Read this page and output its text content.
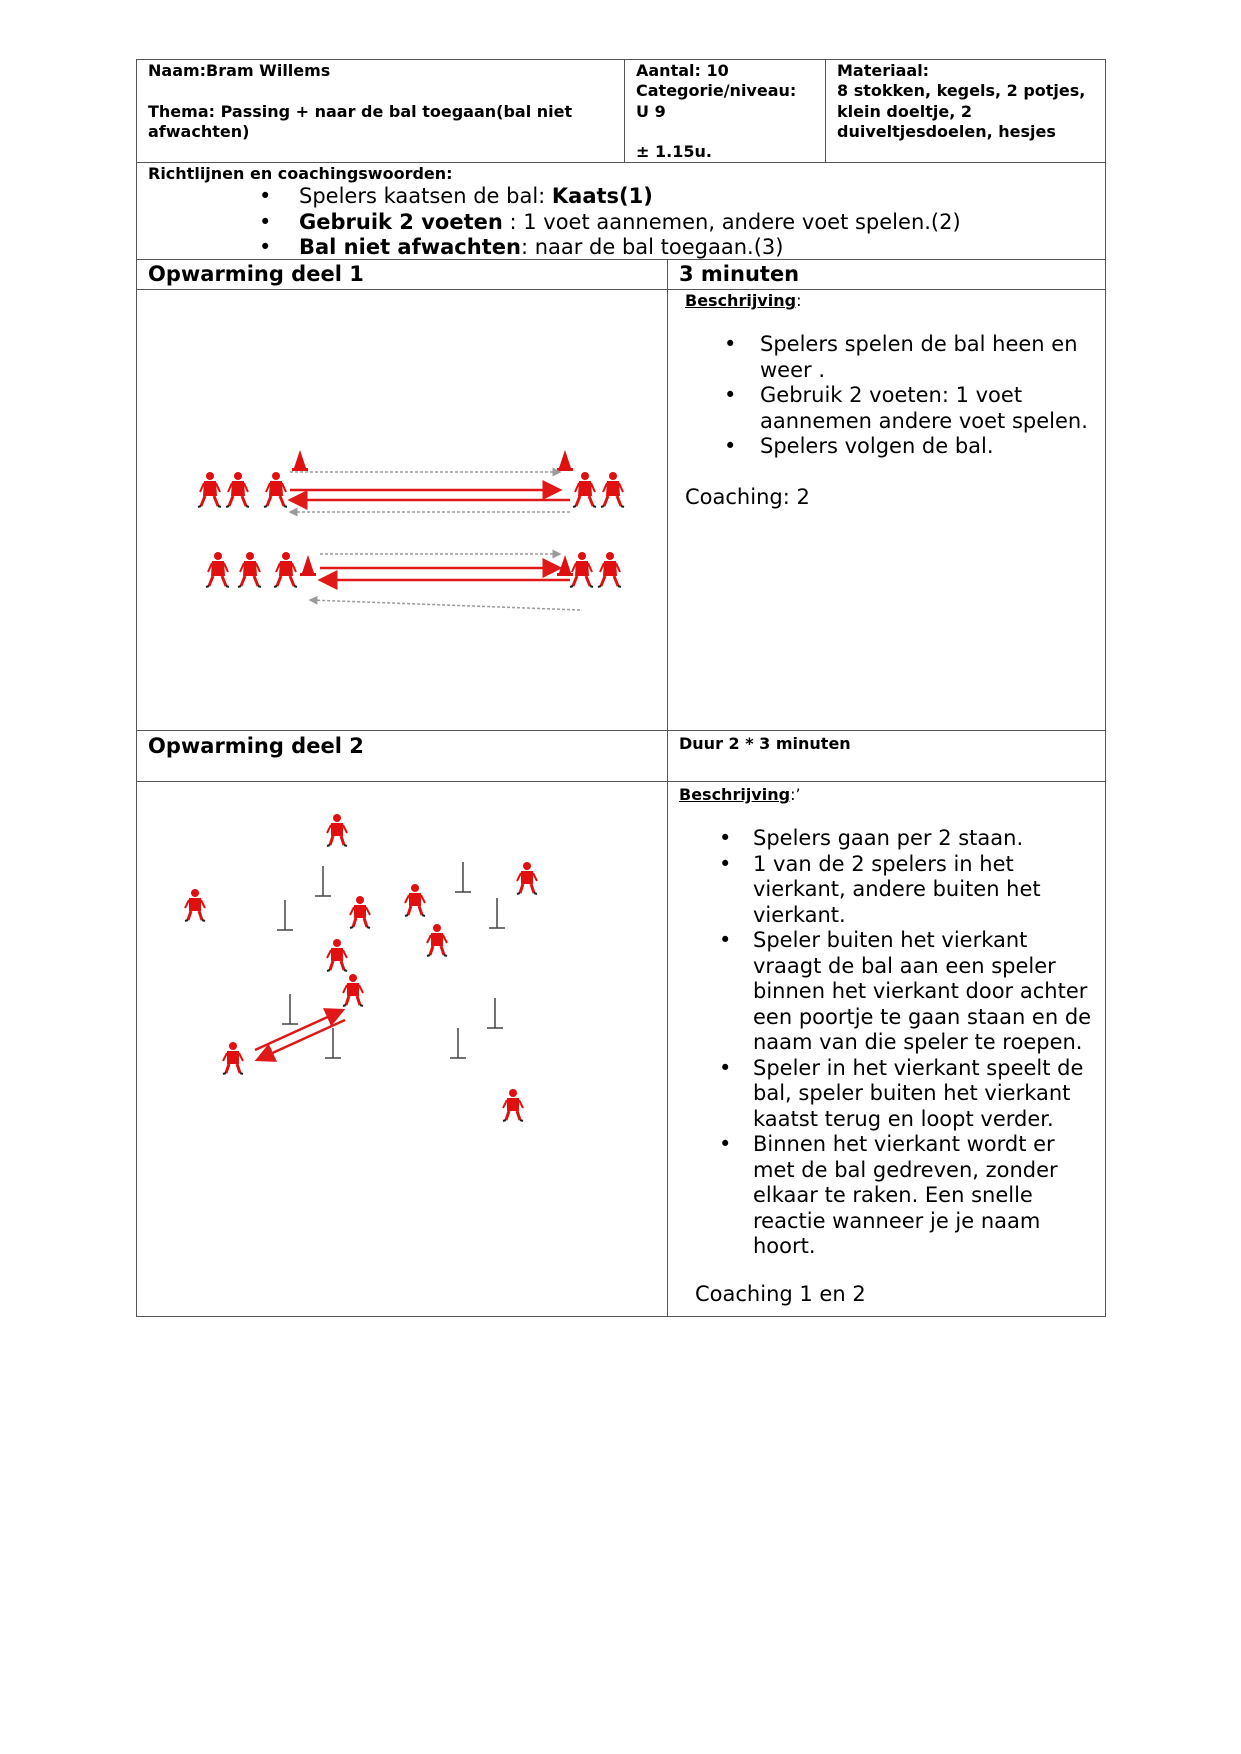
Naam:Bram Willems
Thema: Passing + naar de bal toegaan(bal niet
afwachten)
Aantal: 10
Categorie/niveau:
U 9
± 1.15u.
Materiaal:
8 stokken, kegels, 2 potjes,
klein doeltje, 2
duiveltjesdoelen, hesjes
Richtlijnen en coachingswoorden:
• Spelers kaatsen de bal: Kaats(1)
• Gebruik 2 voeten : 1 voet aannemen, andere voet spelen.(2)
• Bal niet afwachten: naar de bal toegaan.(3)
Opwarming deel 1	3 minuten
Beschrijving:
• Spelers spelen de bal heen en
weer .
• Gebruik 2 voeten: 1 voet
aannemen andere voet spelen.
• Spelers volgen de bal.
Coaching: 2
Opwarming deel 2	Duur 2 * 3 minuten
Beschrijving:’
• Spelers gaan per 2 staan.
• 1 van de 2 spelers in het
vierkant, andere buiten het
vierkant.
• Speler buiten het vierkant
vraagt de bal aan een speler
binnen het vierkant door achter
een poortje te gaan staan en de
naam van die speler te roepen.
• Speler in het vierkant speelt de
bal, speler buiten het vierkant
kaatst terug en loopt verder.
• Binnen het vierkant wordt er
met de bal gedreven, zonder
elkaar te raken. Een snelle
reactie wanneer je je naam
hoort.
Coaching 1 en 2
